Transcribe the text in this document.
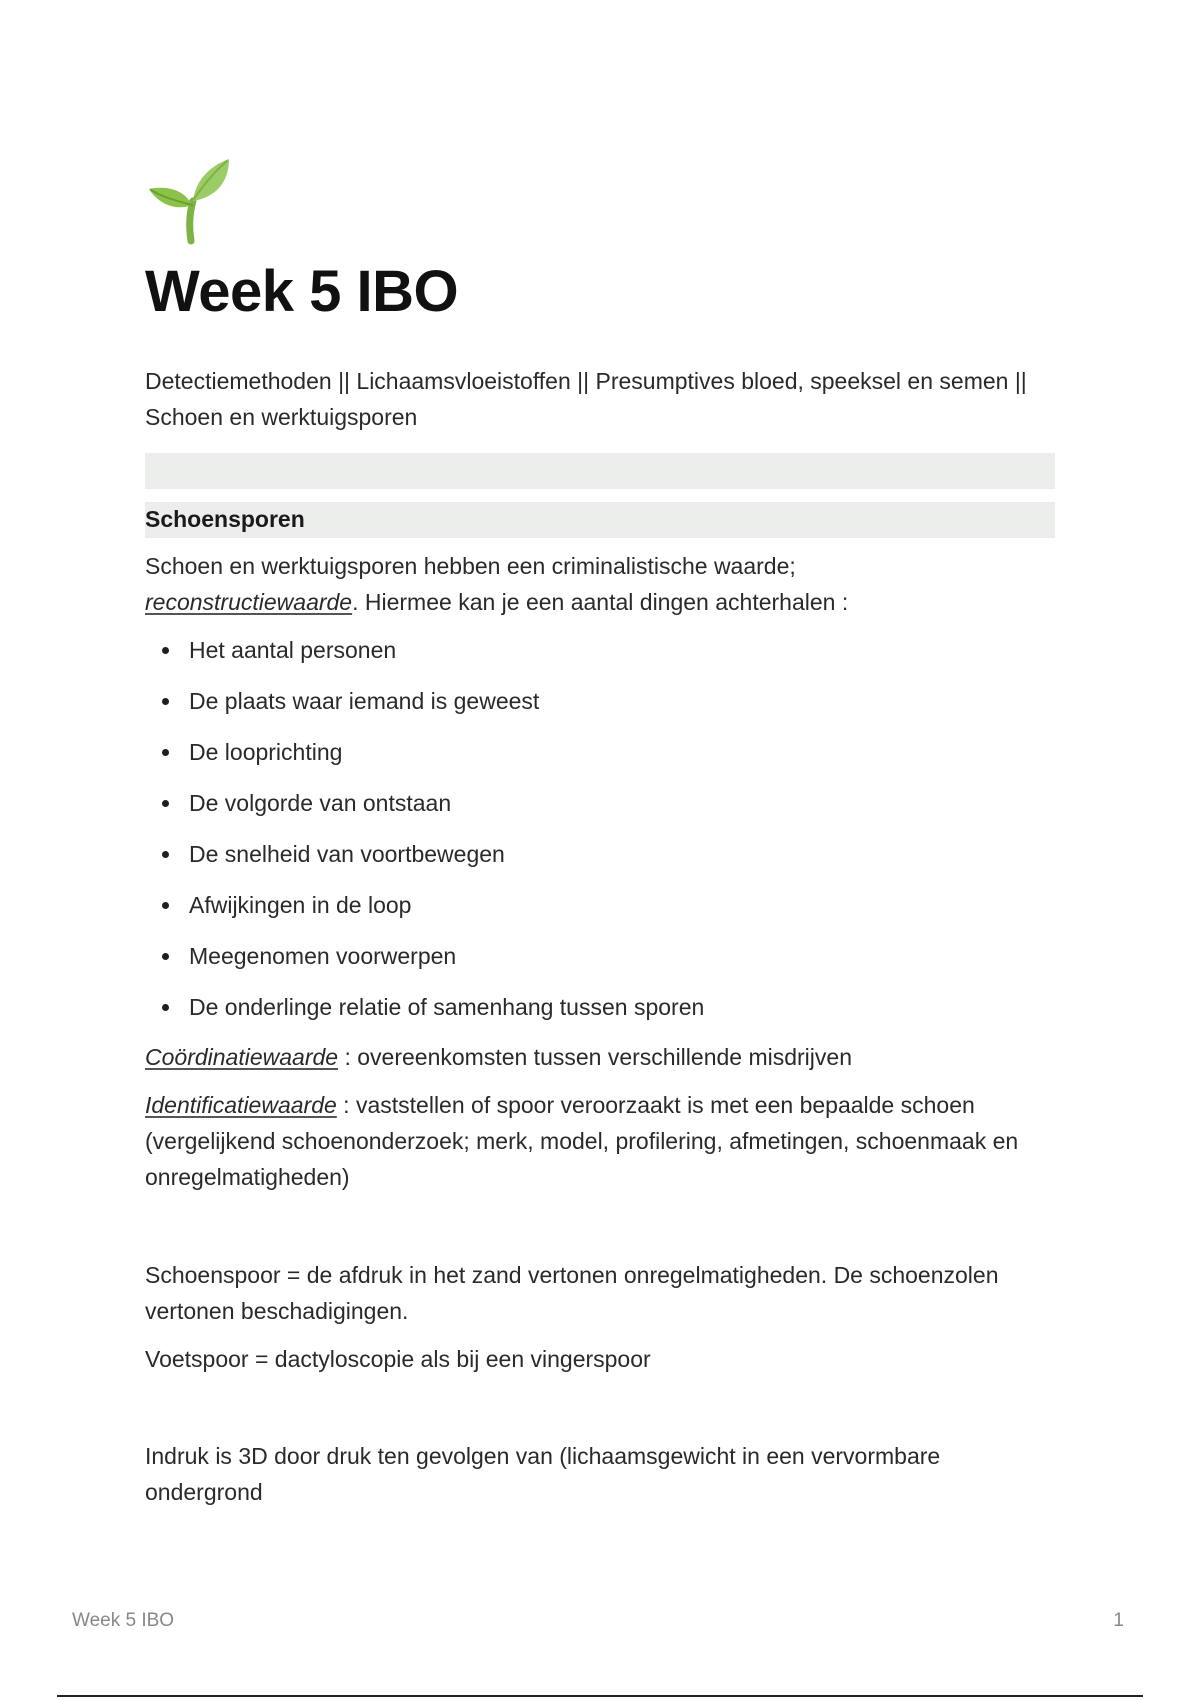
Week 5 IBO

Detectiemethoden || Lichaamsvloeistoffen || Presumptives bloed, speeksel en semen || Schoen en werktuigsporen

Schoensporen

Schoen en werktuigsporen hebben een criminalistische waarde;
reconstructiewaarde. Hiermee kan je een aantal dingen achterhalen :

Het aantal personen
De plaats waar iemand is geweest
De looprichting
De volgorde van ontstaan
De snelheid van voortbewegen
Afwijkingen in de loop
Meegenomen voorwerpen
De onderlinge relatie of samenhang tussen sporen

Coördinatiewaarde : overeenkomsten tussen verschillende misdrijven

Identificatiewaarde : vaststellen of spoor veroorzaakt is met een bepaalde schoen (vergelijkend schoenonderzoek; merk, model, profilering, afmetingen, schoenmaak en onregelmatigheden)

Schoenspoor = de afdruk in het zand vertonen onregelmatigheden. De schoenzolen vertonen beschadigingen.

Voetspoor = dactyloscopie als bij een vingerspoor

Indruk is 3D door druk ten gevolgen van (lichaamsgewicht in een vervormbare ondergrond

Week 5 IBO	1
